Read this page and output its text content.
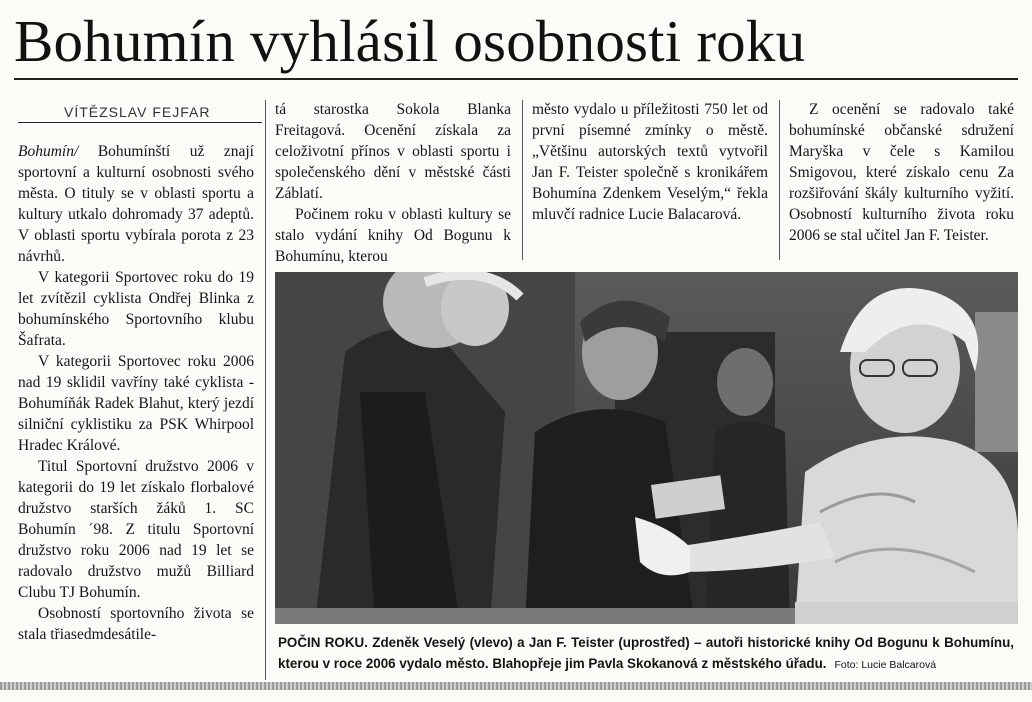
Bohumín vyhlásil osobnosti roku
VÍTĚZSLAV FEJFAR

Bohumín/ Bohumínští už znají sportovní a kulturní osobnosti svého města. O tituly se v oblasti sportu a kultury utkalo dohromady 37 adeptů. V oblasti sportu vybírala porota z 23 návrhů.

V kategorii Sportovec roku do 19 let zvítězil cyklista Ondřej Blinka z bohumínského Sportovního klubu Šafrata.

V kategorii Sportovec roku 2006 nad 19 sklidil vavříny také cyklista - Bohumíňák Radek Blahut, který jezdí silniční cyklistiku za PSK Whirpool Hradec Králové.

Titul Sportovní družstvo 2006 v kategorii do 19 let získalo florbalové družstvo starších žáků 1. SC Bohumín ´98. Z titulu Sportovní družstvo roku 2006 nad 19 let se radovalo družstvo mužů Billiard Clubu TJ Bohumín.

Osobností sportovního života se stala třiasedmdesátile-

tá starostka Sokola Blanka Freitagová. Ocenění získala za celoživotní přínos v oblasti sportu i společenského dění v městské části Záblatí.

Počinem roku v oblasti kultury se stalo vydání knihy Od Bogunu k Bohumínu, kterou

město vydalo u příležitosti 750 let od první písemné zmínky o městě. „Většinu autorských textů vytvořil Jan F. Teister společně s kronikářem Bohumína Zdenkem Veselým,“ řekla mluvčí radnice Lucie Balacarová.

Z ocenění se radovalo také bohumínské občanské sdružení Maryška v čele s Kamilou Smigovou, které získalo cenu Za rozšiřování škály kulturního vyžití. Osobností kulturního života roku 2006 se stal učitel Jan F. Teister.

POČIN ROKU. Zdeněk Veselý (vlevo) a Jan F. Teister (uprostřed) – autoři historické knihy Od Bogunu k Bohumínu, kterou v roce 2006 vydalo město. Blahopřeje jim Pavla Skokanová z městského úřadu. Foto: Lucie Balcarová
